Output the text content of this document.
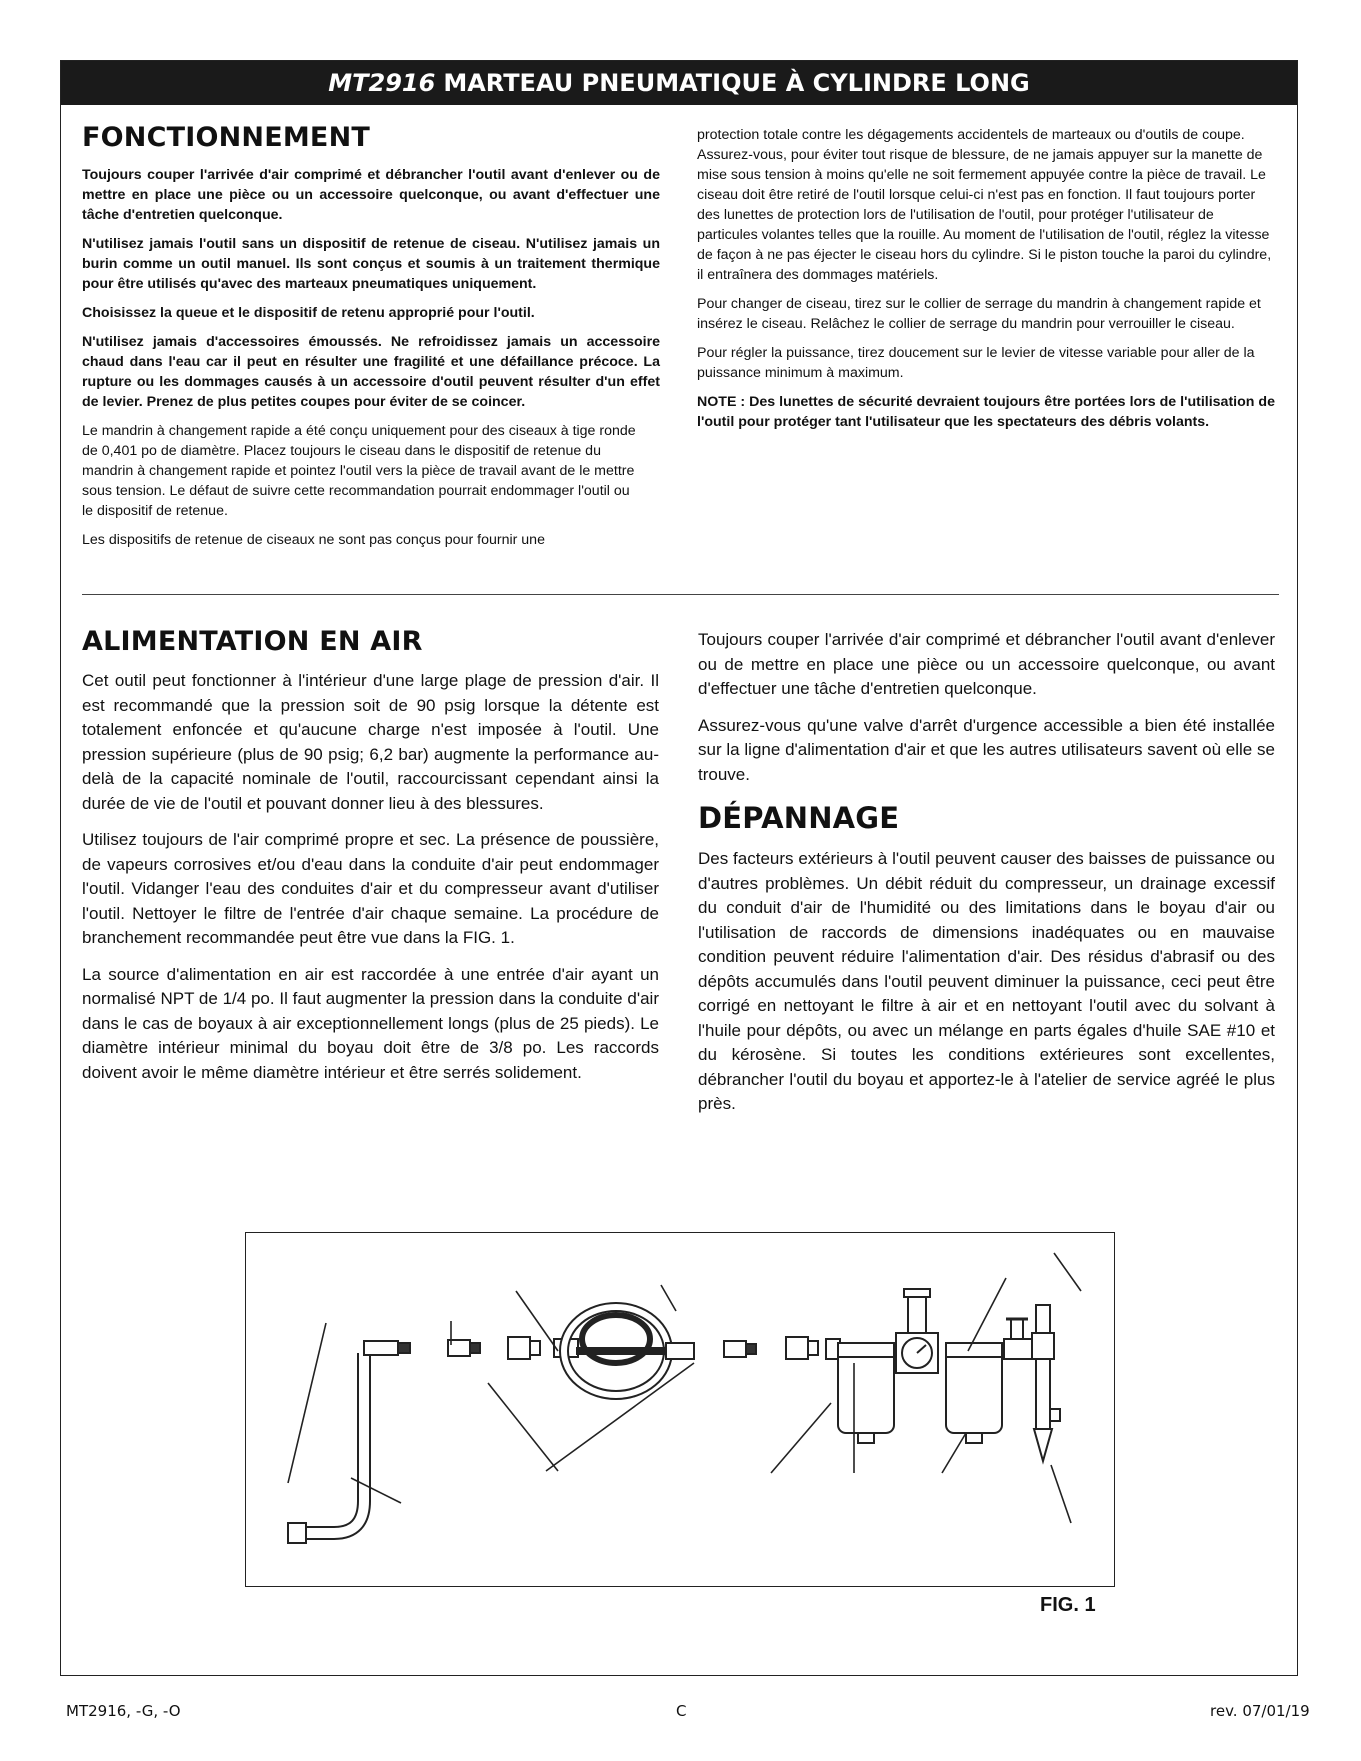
MT2916 MARTEAU PNEUMATIQUE À CYLINDRE LONG
FONCTIONNEMENT

Toujours couper l'arrivée d'air comprimé et débrancher l'outil avant d'enlever ou de mettre en place une pièce ou un accessoire quelconque, ou avant d'effectuer une tâche d'entretien quelconque.

N'utilisez jamais l'outil sans un dispositif de retenue de ciseau. N'utilisez jamais un burin comme un outil manuel. Ils sont conçus et soumis à un traitement thermique pour être utilisés qu'avec des marteaux pneumatiques uniquement.

Choisissez la queue et le dispositif de retenu approprié pour l'outil.

N'utilisez jamais d'accessoires émoussés. Ne refroidissez jamais un accessoire chaud dans l'eau car il peut en résulter une fragilité et une défaillance précoce. La rupture ou les dommages causés à un accessoire d'outil peuvent résulter d'un effet de levier. Prenez de plus petites coupes pour éviter de se coincer.

Le mandrin à changement rapide a été conçu uniquement pour des ciseaux à tige ronde de 0,401 po de diamètre. Placez toujours le ciseau dans le dispositif de retenue du mandrin à changement rapide et pointez l'outil vers la pièce de travail avant de le mettre sous tension. Le défaut de suivre cette recommandation pourrait endommager l'outil ou le dispositif de retenue.

Les dispositifs de retenue de ciseaux ne sont pas conçus pour fournir une

protection totale contre les dégagements accidentels de marteaux ou d'outils de coupe. Assurez-vous, pour éviter tout risque de blessure, de ne jamais appuyer sur la manette de mise sous tension à moins qu'elle ne soit fermement appuyée contre la pièce de travail. Le ciseau doit être retiré de l'outil lorsque celui-ci n'est pas en fonction. Il faut toujours porter des lunettes de protection lors de l'utilisation de l'outil, pour protéger l'utilisateur de particules volantes telles que la rouille. Au moment de l'utilisation de l'outil, réglez la vitesse de façon à ne pas éjecter le ciseau hors du cylindre. Si le piston touche la paroi du cylindre, il entraînera des dommages matériels.

Pour changer de ciseau, tirez sur le collier de serrage du mandrin à changement rapide et insérez le ciseau. Relâchez le collier de serrage du mandrin pour verrouiller le ciseau.

Pour régler la puissance, tirez doucement sur le levier de vitesse variable pour aller de la puissance minimum à maximum.

NOTE : Des lunettes de sécurité devraient toujours être portées lors de l'utilisation de l'outil pour protéger tant l'utilisateur que les spectateurs des débris volants.

ALIMENTATION EN AIR

Cet outil peut fonctionner à l'intérieur d'une large plage de pression d'air. Il est recommandé que la pression soit de 90 psig lorsque la détente est totalement enfoncée et qu'aucune charge n'est imposée à l'outil. Une pression supérieure (plus de 90 psig; 6,2 bar) augmente la performance au-delà de la capacité nominale de l'outil, raccourcissant cependant ainsi la durée de vie de l'outil et pouvant donner lieu à des blessures.

Utilisez toujours de l'air comprimé propre et sec. La présence de poussière, de vapeurs corrosives et/ou d'eau dans la conduite d'air peut endommager l'outil. Vidanger l'eau des conduites d'air et du compresseur avant d'utiliser l'outil. Nettoyer le filtre de l'entrée d'air chaque semaine. La procédure de branchement recommandée peut être vue dans la FIG. 1.

La source d'alimentation en air est raccordée à une entrée d'air ayant un normalisé NPT de 1/4 po. Il faut augmenter la pression dans la conduite d'air dans le cas de boyaux à air exceptionnellement longs (plus de 25 pieds). Le diamètre intérieur minimal du boyau doit être de 3/8 po. Les raccords doivent avoir le même diamètre intérieur et être serrés solidement.

Toujours couper l'arrivée d'air comprimé et débrancher l'outil avant d'enlever ou de mettre en place une pièce ou un accessoire quelconque, ou avant d'effectuer une tâche d'entretien quelconque.

Assurez-vous qu'une valve d'arrêt d'urgence accessible a bien été installée sur la ligne d'alimentation d'air et que les autres utilisateurs savent où elle se trouve.

DÉPANNAGE

Des facteurs extérieurs à l'outil peuvent causer des baisses de puissance ou d'autres problèmes. Un débit réduit du compresseur, un drainage excessif du conduit d'air de l'humidité ou des limitations dans le boyau d'air ou l'utilisation de raccords de dimensions inadéquates ou en mauvaise condition peuvent réduire l'alimentation d'air. Des résidus d'abrasif ou des dépôts accumulés dans l'outil peuvent diminuer la puissance, ceci peut être corrigé en nettoyant le filtre à air et en nettoyant l'outil avec du solvant à l'huile pour dépôts, ou avec un mélange en parts égales d'huile SAE #10 et du kérosène. Si toutes les conditions extérieures sont excellentes, débrancher l'outil du boyau et apportez-le à l'atelier de service agréé le plus près.

FIG. 1
MT2916, -G, -O	C	rev. 07/01/19
